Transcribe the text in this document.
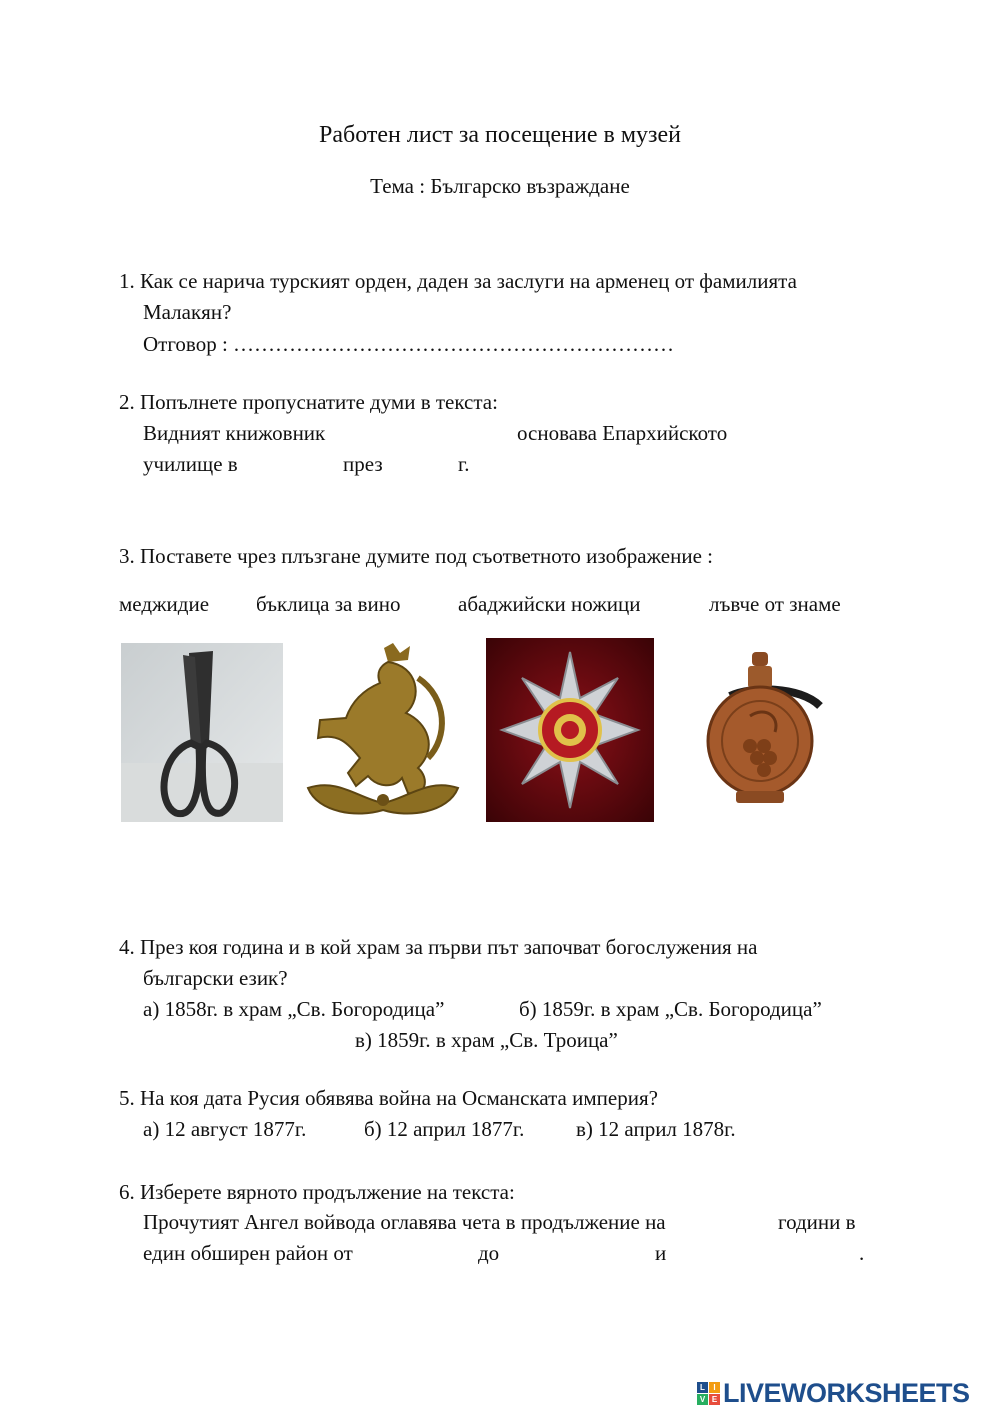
Работен лист за посещение в музей
Тема : Българско възраждане
1. Как се нарича турският орден, даден за заслуги на арменец от фамилията
Малакян?
Отговор : ………………………………………………………
2. Попълнете пропуснатите думи в текста:
Видният книжовник	основава Епархийското
училище в	през	г.
3. Поставете чрез плъзгане думите под съответното изображение :
меджидие бъклица за вино	абаджийски ножици	лъвче от знаме
4. През коя година и в кой храм за първи път започват богослужения на
български език?
а) 1858г. в храм „Св. Богородица”	б) 1859г. в храм „Св. Богородица”
в) 1859г. в храм „Св. Троица”
5. На коя дата Русия обявява война на Османската империя?
а) 12 август 1877г.	б) 12 април 1877г. в) 12 април 1878г.
6. Изберете вярното продължение на текста:
Прочутият Ангел войвода оглавява чета в продължение на	години в
един обширен район от	до	и	.
L	I
V E LIVEWORKSHEETS
